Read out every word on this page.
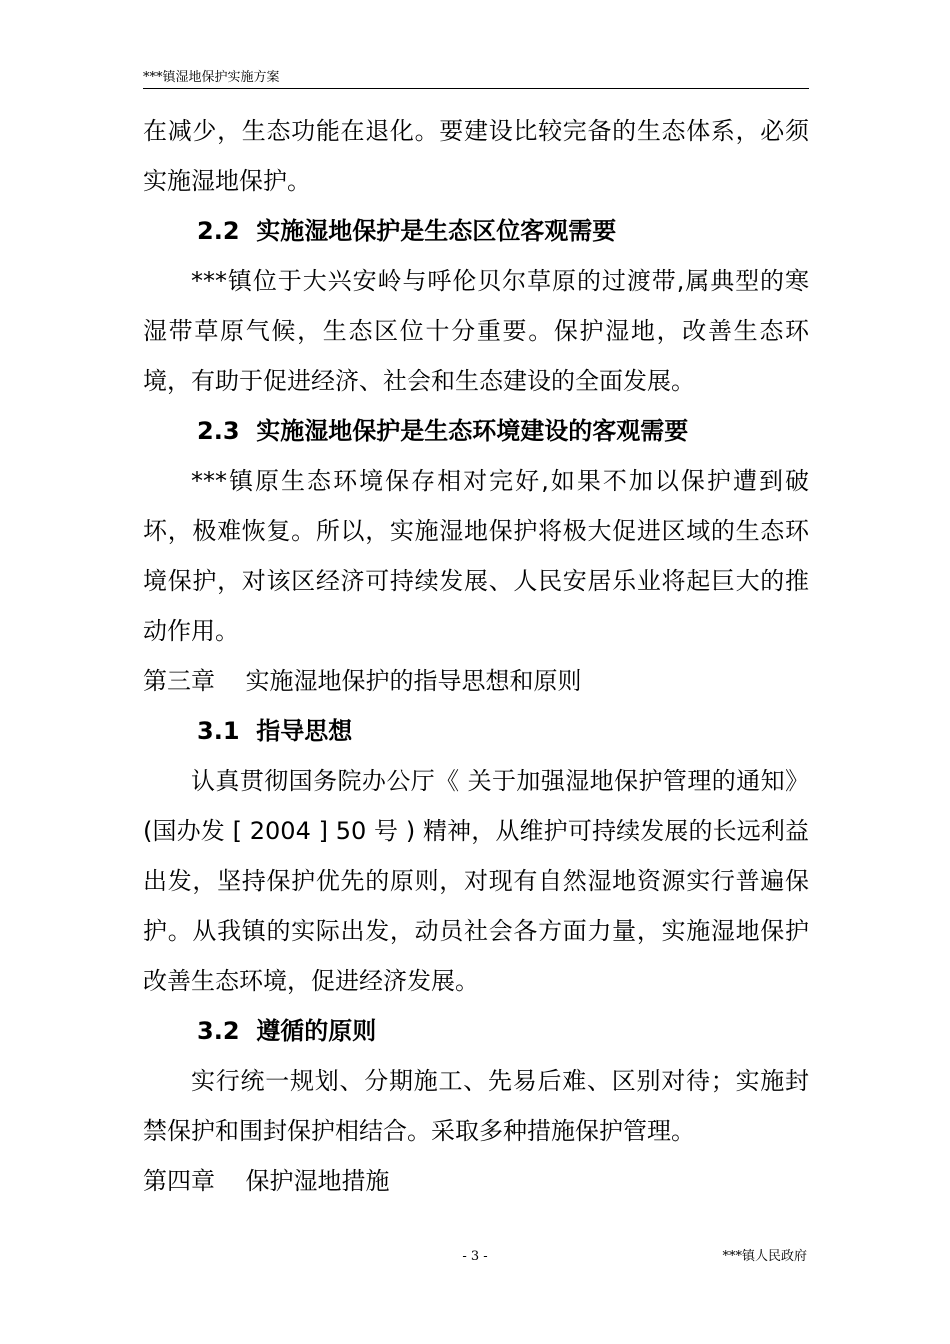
***镇湿地保护实施方案

在减少，生态功能在退化。要建设比较完备的生态体系，必须实施湿地保护。

2.2  实施湿地保护是生态区位客观需要

***镇位于大兴安岭与呼伦贝尔草原的过渡带,属典型的寒湿带草原气候，生态区位十分重要。保护湿地，改善生态环境，有助于促进经济、社会和生态建设的全面发展。

2.3  实施湿地保护是生态环境建设的客观需要

***镇原生态环境保存相对完好,如果不加以保护遭到破坏，极难恢复。所以，实施湿地保护将极大促进区域的生态环境保护，对该区经济可持续发展、人民安居乐业将起巨大的推动作用。

第三章    实施湿地保护的指导思想和原则

3.1  指导思想

认真贯彻国务院办公厅《 关于加强湿地保护管理的通知》(国办发 [ 2004 ] 50 号 ) 精神，从维护可持续发展的长远利益出发，坚持保护优先的原则，对现有自然湿地资源实行普遍保护。从我镇的实际出发，动员社会各方面力量，实施湿地保护改善生态环境，促进经济发展。

3.2  遵循的原则

实行统一规划、分期施工、先易后难、区别对待；实施封禁保护和围封保护相结合。采取多种措施保护管理。

第四章    保护湿地措施

- 3 -	***镇人民政府
